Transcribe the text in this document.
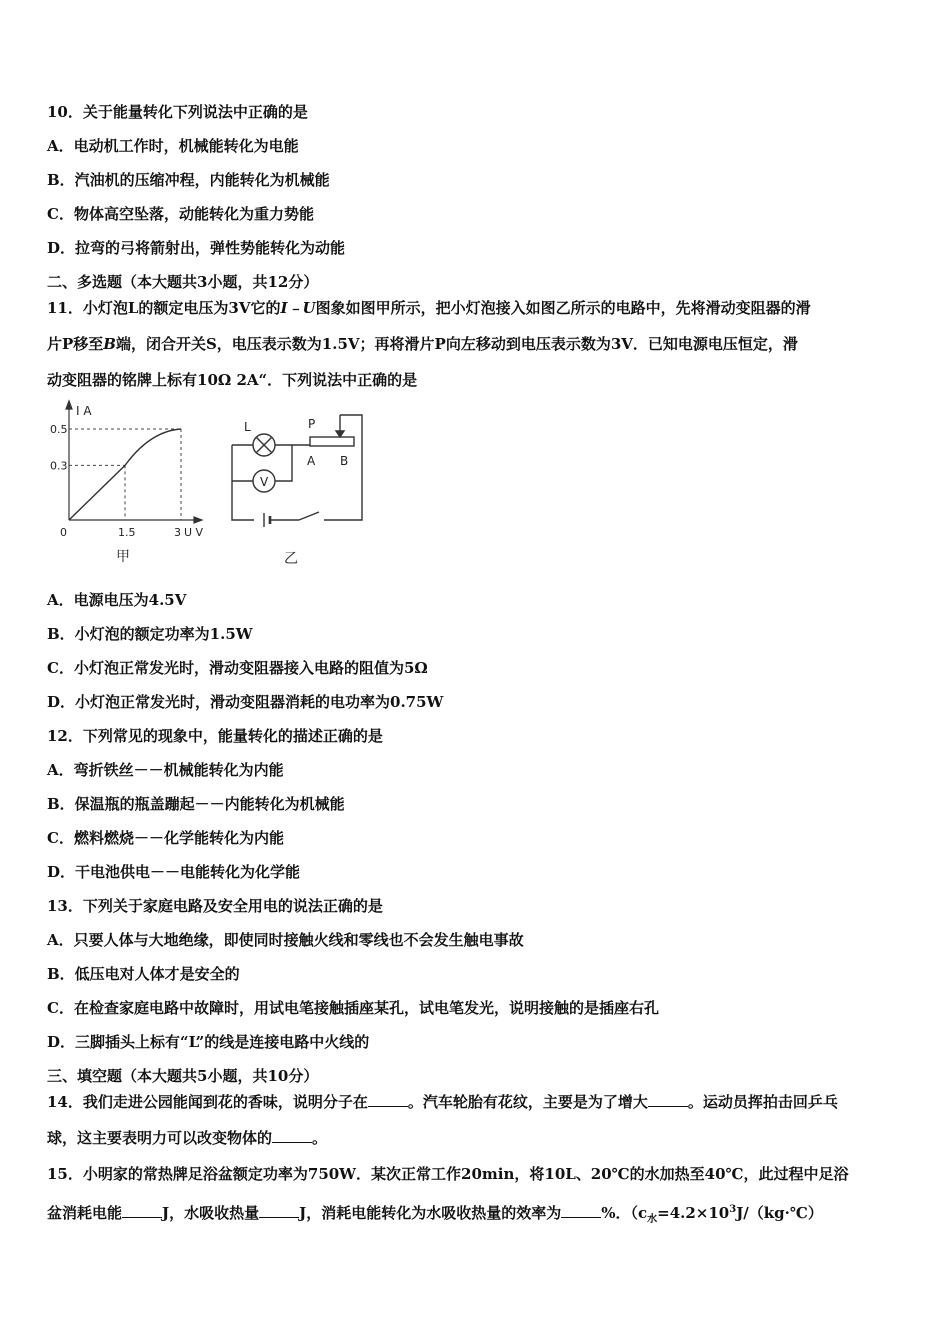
10．关于能量转化下列说法中正确的是
A．电动机工作时，机械能转化为电能
B．汽油机的压缩冲程，内能转化为机械能
C．物体高空坠落，动能转化为重力势能
D．拉弯的弓将箭射出，弹性势能转化为动能
二、多选题（本大题共3小题，共12分）
11．小灯泡L的额定电压为3V它的I﹣U图象如图甲所示，把小灯泡接入如图乙所示的电路中，先将滑动变阻器的滑
片P移至B端，闭合开关S，电压表示数为1.5V；再将滑片P向左移动到电压表示数为3V．已知电源电压恒定，滑
动变阻器的铭牌上标有10Ω 2A“．下列说法中正确的是
I A
U V
0
0.5
0.3
1.5	3
甲
L
V
P
A B
乙
A．电源电压为4.5V
B．小灯泡的额定功率为1.5W
C．小灯泡正常发光时，滑动变阻器接入电路的阻值为5Ω
D．小灯泡正常发光时，滑动变阻器消耗的电功率为0.75W
12．下列常见的现象中，能量转化的描述正确的是
A．弯折铁丝－－机械能转化为内能
B．保温瓶的瓶盖蹦起－－内能转化为机械能
C．燃料燃烧－－化学能转化为内能
D．干电池供电－－电能转化为化学能
13．下列关于家庭电路及安全用电的说法正确的是
A．只要人体与大地绝缘，即使同时接触火线和零线也不会发生触电事故
B．低压电对人体才是安全的
C．在检查家庭电路中故障时，用试电笔接触插座某孔，试电笔发光，说明接触的是插座右孔
D．三脚插头上标有“L”的线是连接电路中火线的
三、填空题（本大题共5小题，共10分）
14．我们走进公园能闻到花的香味，说明分子在	。汽车轮胎有花纹，主要是为了增大	。运动员挥拍击回乒乓
球，这主要表明力可以改变物体的	。
15．小明家的常热牌足浴盆额定功率为750W．某次正常工作20min，将10L、20℃的水加热至40℃，此过程中足浴
盆消耗电能	J，水吸收热量	J，消耗电能转化为水吸收热量的效率为	%．（$c_水=4.2\times 10^3J/(kg\cdot℃)$
